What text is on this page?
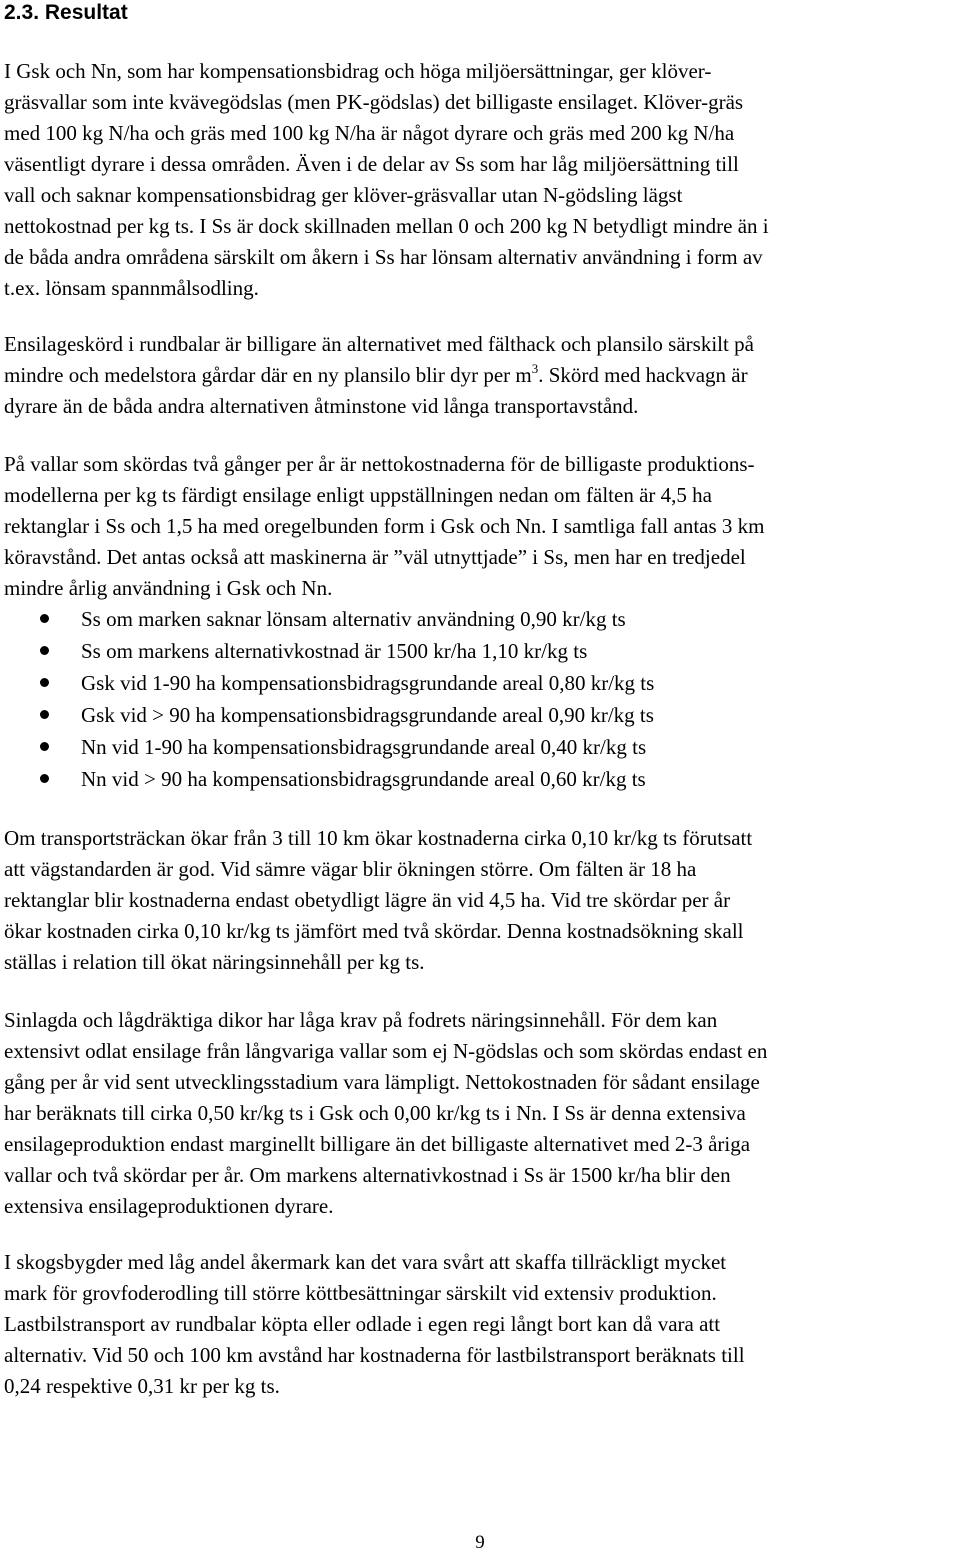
2.3. Resultat

I Gsk och Nn, som har kompensationsbidrag och höga miljöersättningar, ger klöver-
gräsvallar som inte kvävegödslas (men PK-gödslas) det billigaste ensilaget. Klöver-gräs
med 100 kg N/ha och gräs med 100 kg N/ha är något dyrare och gräs med 200 kg N/ha
väsentligt dyrare i dessa områden. Även i de delar av Ss som har låg miljöersättning till
vall och saknar kompensationsbidrag ger klöver-gräsvallar utan N-gödsling lägst
nettokostnad per kg ts. I Ss är dock skillnaden mellan 0 och 200 kg N betydligt mindre än i
de båda andra områdena särskilt om åkern i Ss har lönsam alternativ användning i form av
t.ex. lönsam spannmålsodling.

Ensilageskörd i rundbalar är billigare än alternativet med fälthack och plansilo särskilt på
mindre och medelstora gårdar där en ny plansilo blir dyr per $m^3$. Skörd med hackvagn är
dyrare än de båda andra alternativen åtminstone vid långa transportavstånd.

På vallar som skördas två gånger per år är nettokostnaderna för de billigaste produktions-
modellerna per kg ts färdigt ensilage enligt uppställningen nedan om fälten är 4,5 ha
rektanglar i Ss och 1,5 ha med oregelbunden form i Gsk och Nn. I samtliga fall antas 3 km
köravstånd. Det antas också att maskinerna är ”väl utnyttjade” i Ss, men har en tredjedel
mindre årlig användning i Gsk och Nn.

Ss om marken saknar lönsam alternativ användning 0,90 kr/kg ts
Ss om markens alternativkostnad är 1500 kr/ha 1,10 kr/kg ts
Gsk vid 1-90 ha kompensationsbidragsgrundande areal 0,80 kr/kg ts
Gsk vid > 90 ha kompensationsbidragsgrundande areal 0,90 kr/kg ts
Nn vid 1-90 ha kompensationsbidragsgrundande areal 0,40 kr/kg ts
Nn vid > 90 ha kompensationsbidragsgrundande areal 0,60 kr/kg ts

Om transportsträckan ökar från 3 till 10 km ökar kostnaderna cirka 0,10 kr/kg ts förutsatt
att vägstandarden är god. Vid sämre vägar blir ökningen större. Om fälten är 18 ha
rektanglar blir kostnaderna endast obetydligt lägre än vid 4,5 ha. Vid tre skördar per år
ökar kostnaden cirka 0,10 kr/kg ts jämfört med två skördar. Denna kostnadsökning skall
ställas i relation till ökat näringsinnehåll per kg ts.

Sinlagda och lågdräktiga dikor har låga krav på fodrets näringsinnehåll. För dem kan
extensivt odlat ensilage från långvariga vallar som ej N-gödslas och som skördas endast en
gång per år vid sent utvecklingsstadium vara lämpligt. Nettokostnaden för sådant ensilage
har beräknats till cirka 0,50 kr/kg ts i Gsk och 0,00 kr/kg ts i Nn. I Ss är denna extensiva
ensilageproduktion endast marginellt billigare än det billigaste alternativet med 2-3 åriga
vallar och två skördar per år. Om markens alternativkostnad i Ss är 1500 kr/ha blir den
extensiva ensilageproduktionen dyrare.

I skogsbygder med låg andel åkermark kan det vara svårt att skaffa tillräckligt mycket
mark för grovfoderodling till större köttbesättningar särskilt vid extensiv produktion.
Lastbilstransport av rundbalar köpta eller odlade i egen regi långt bort kan då vara att
alternativ. Vid 50 och 100 km avstånd har kostnaderna för lastbilstransport beräknats till
0,24 respektive 0,31 kr per kg ts.

9
